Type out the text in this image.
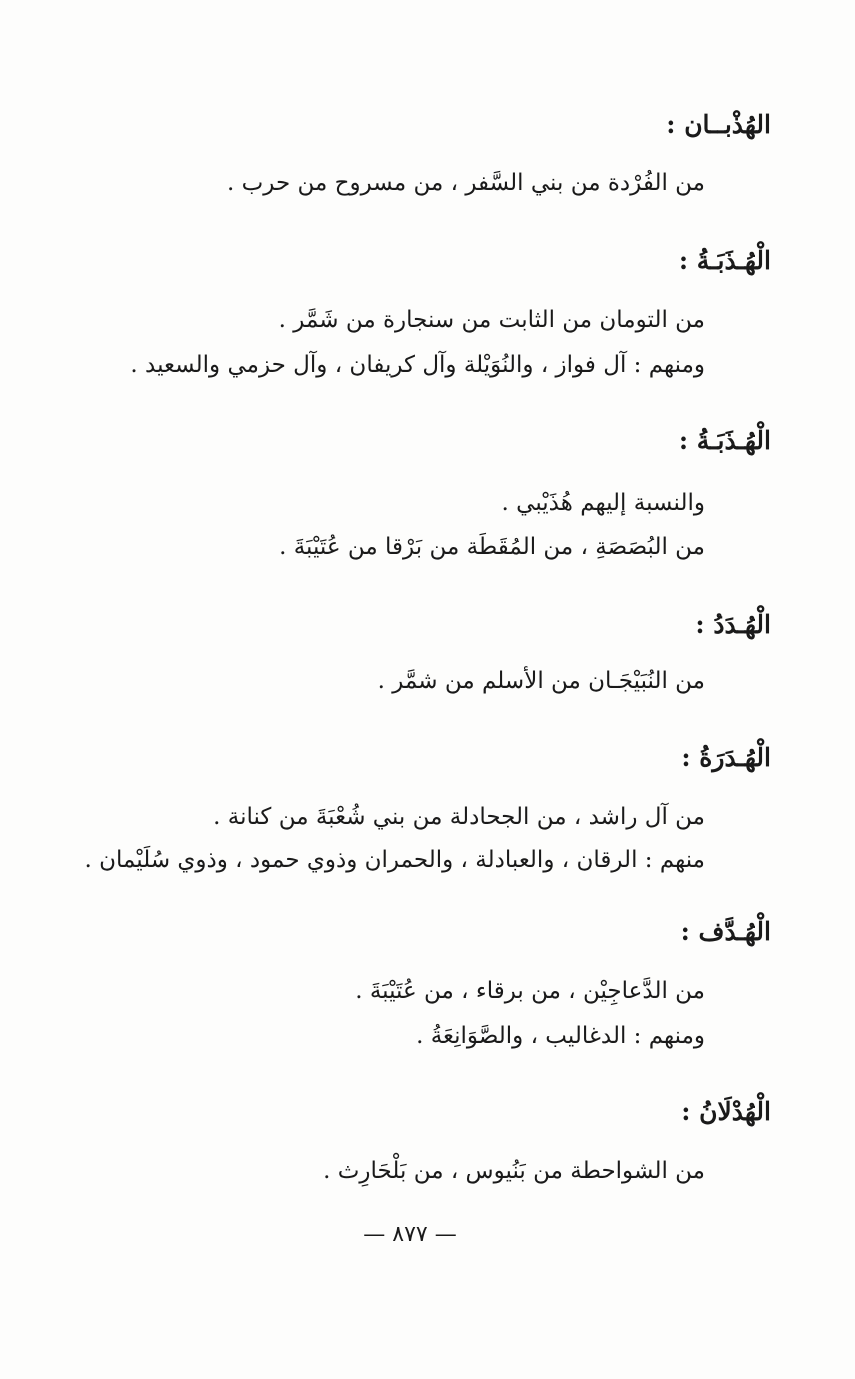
الهُذْبــان :
من الفُرْدة من بني السَّفر ، من مسروح من حرب .
الْهُـذَبَـةُ :
من التومان من الثابت من سنجارة من شَمَّر .
ومنهم : آل فواز ، والنُوَيْلة وآل كريفان ، وآل حزمي والسعيد .
الْهُـذَبَـةُ :
والنسبة إليهم هُذَيْبي .
من البُصَصَةِ ، من المُقَطَة من بَرْقا من عُتَيْبَةَ .
الْهُـدَدُ :
من النُبَيْجَـان من الأسلم من شمَّر .
الْهُـدَرَةُ :
من آل راشد ، من الجحادلة من بني شُعْبَةَ من كنانة .
منهم : الرقان ، والعبادلة ، والحمران وذوي حمود ، وذوي سُلَيْمان .
الْهُـدَّف :
من الدَّعاجِيْن ، من برقاء ، من عُتَيْبَةَ .
ومنهم : الدغاليب ، والصَّوَانِعَةُ .
الْهُدْلَانُ :
من الشواحطة من بَنُيوس ، من بَلْحَارِث .
— ٨٧٧ —
